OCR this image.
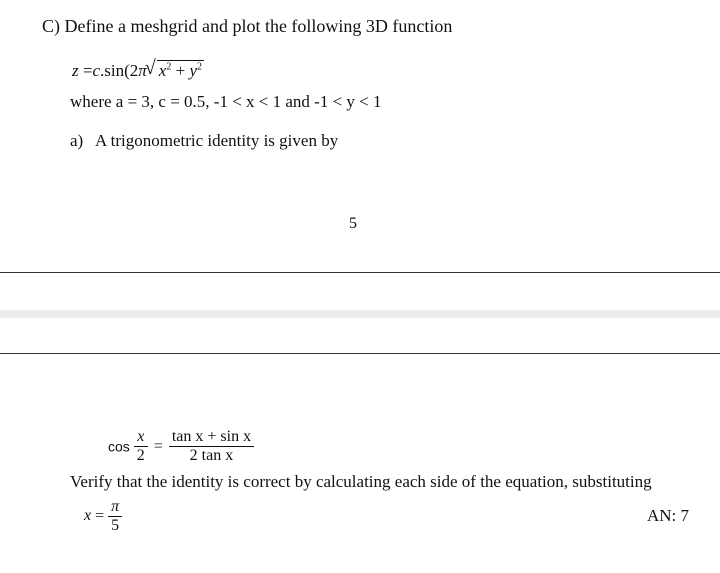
C) Define a meshgrid and plot the following 3D function
z =c.sin(2π
√ $x^2 + y^2$
where a = 3, c = 0.5, -1 < x < 1 and -1 < y < 1
a) A trigonometric identity is given by
5
$\cos \frac{x}{2} = \frac{\text{tan x + sin x}}{\text{2 tan x}}$
Verify that the identity is correct by calculating each side of the equation, substituting
$x = \frac{\pi}{5}$	AN: 7
